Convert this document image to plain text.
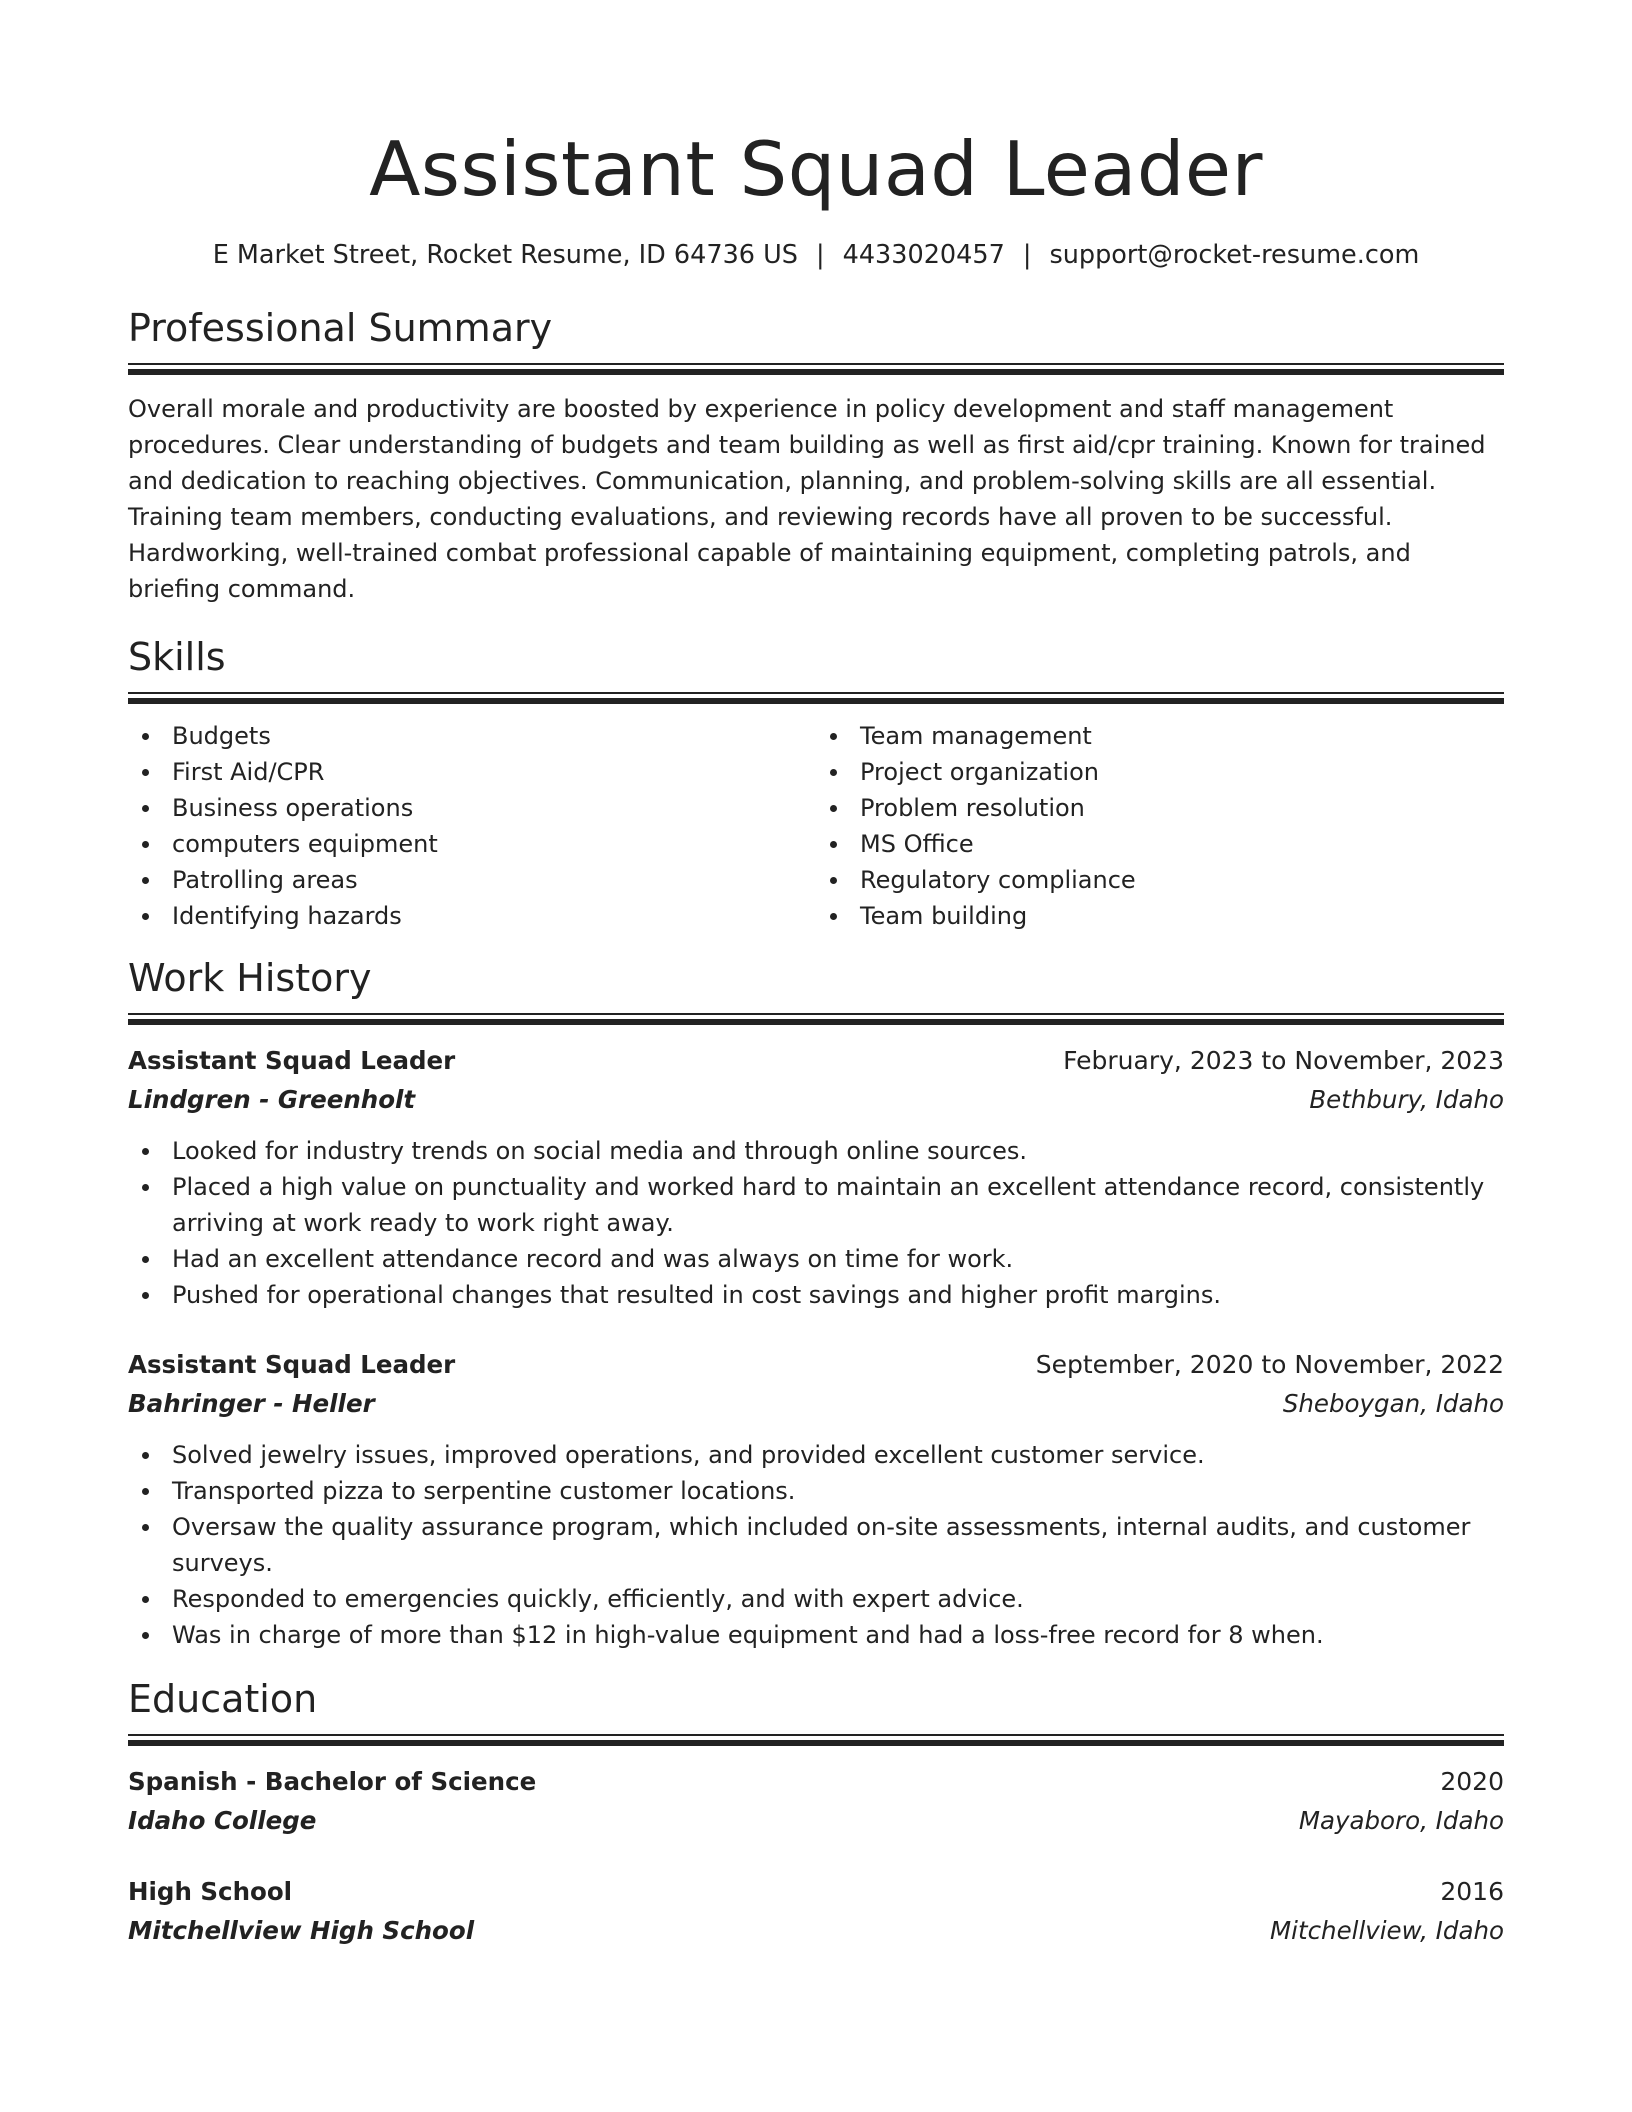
Assistant Squad Leader
E Market Street, Rocket Resume, ID 64736 US | 4433020457 | support@rocket-resume.com
Professional Summary

Overall morale and productivity are boosted by experience in policy development and staff management procedures. Clear understanding of budgets and team building as well as first aid/cpr training. Known for trained and dedication to reaching objectives. Communication, planning, and problem-solving skills are all essential. Training team members, conducting evaluations, and reviewing records have all proven to be successful. Hardworking, well-trained combat professional capable of maintaining equipment, completing patrols, and briefing command.

Skills
Budgets
First Aid/CPR
Business operations
computers equipment
Patrolling areas
Identifying hazards
Team management
Project organization
Problem resolution
MS Office
Regulatory compliance
Team building
Work History
Assistant Squad Leader	February, 2023 to November, 2023
Lindgren - Greenholt	Bethbury, Idaho
Looked for industry trends on social media and through online sources.
Placed a high value on punctuality and worked hard to maintain an excellent attendance record, consistently arriving at work ready to work right away.
Had an excellent attendance record and was always on time for work.
Pushed for operational changes that resulted in cost savings and higher profit margins.
Assistant Squad Leader	September, 2020 to November, 2022
Bahringer - Heller	Sheboygan, Idaho
Solved jewelry issues, improved operations, and provided excellent customer service.
Transported pizza to serpentine customer locations.
Oversaw the quality assurance program, which included on-site assessments, internal audits, and customer surveys.
Responded to emergencies quickly, efficiently, and with expert advice.
Was in charge of more than $12 in high-value equipment and had a loss-free record for 8 when.
Education
Spanish - Bachelor of Science	2020
Idaho College	Mayaboro, Idaho
High School	2016
Mitchellview High School	Mitchellview, Idaho
